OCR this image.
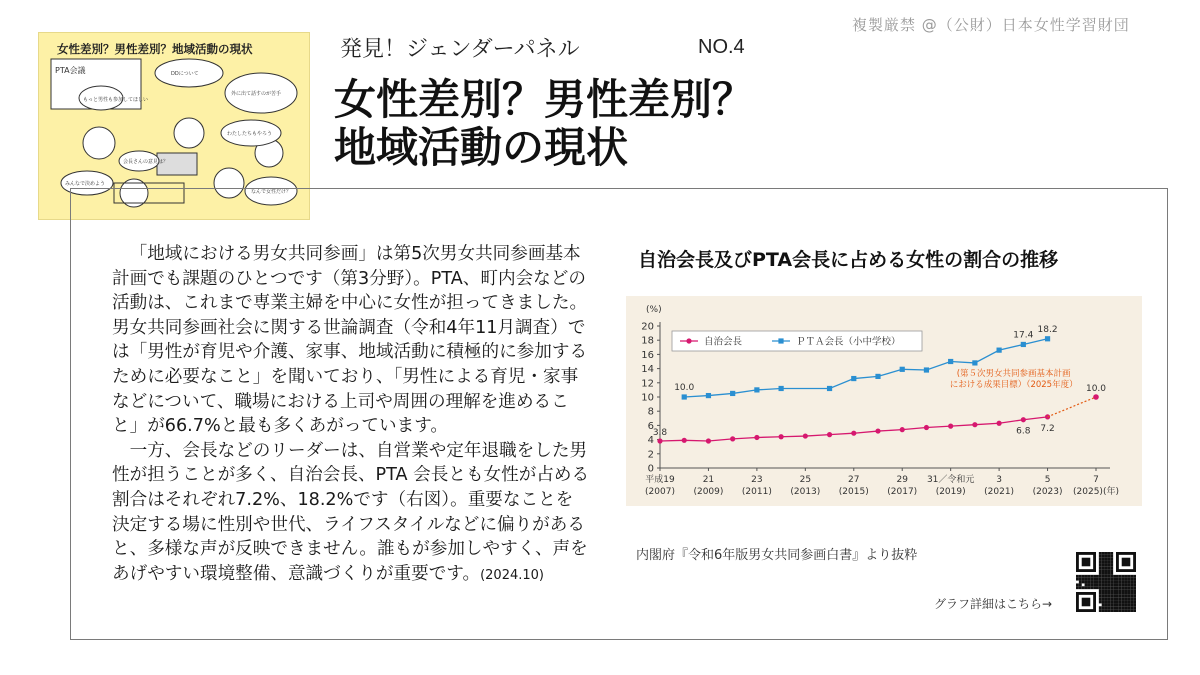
複製厳禁 @（公財）日本女性学習財団
PTA会議
もっと男性も参加してほしい
DDについて
外に出て話すのが苦手
会長さんの意見は？
みんなで決めよう
わたしたちもやろう
なんで女性だけ？
女性差別？男性差別？地域活動の現状	発見！ジェンダーパネル	NO.4
女性差別？男性差別？
地域活動の現状

「地域における男女共同参画」は第5次男女共同参画基本計画でも課題のひとつです（第3分野）。PTA、町内会などの活動は、これまで専業主婦を中心に女性が担ってきました。男女共同参画社会に関する世論調査（令和4年11月調査）では「男性が育児や介護、家事、地域活動に積極的に参加するために必要なこと」を聞いており、「男性による育児・家事などについて、職場における上司や周囲の理解を進めること」が66.7%と最も多くあがっています。

一方、会長などのリーダーは、自営業や定年退職をした男性が担うことが多く、自治会長、PTA 会長とも女性が占める割合はそれぞれ7.2%、18.2%です（右図）。重要なことを決定する場に性別や世代、ライフスタイルなどに偏りがあると、多様な声が反映できません。誰もが参加しやすく、声をあげやすい環境整備、意識づくりが重要です。(2024.10)

自治会長及びPTA会長に占める女性の割合の推移
(%)
0
2
4
6
8
10
12
14
16
18
20
平成19
(2007)
21
(2009)
23
(2011)
25
(2013)
27
(2015)
29
(2017)
31／令和元
(2019)
3
(2021)
5
(2023)
7
(2025)(年)
3.8	6.8 7.2
10.0
17.4
18.2
10.0
(第５次男女共同参画基本計画
における成果目標）（2025年度）
自治会長	ＰＴＡ会長（小中学校）
内閣府『令和6年版男女共同参画白書』より抜粋
グラフ詳細はこちら→
